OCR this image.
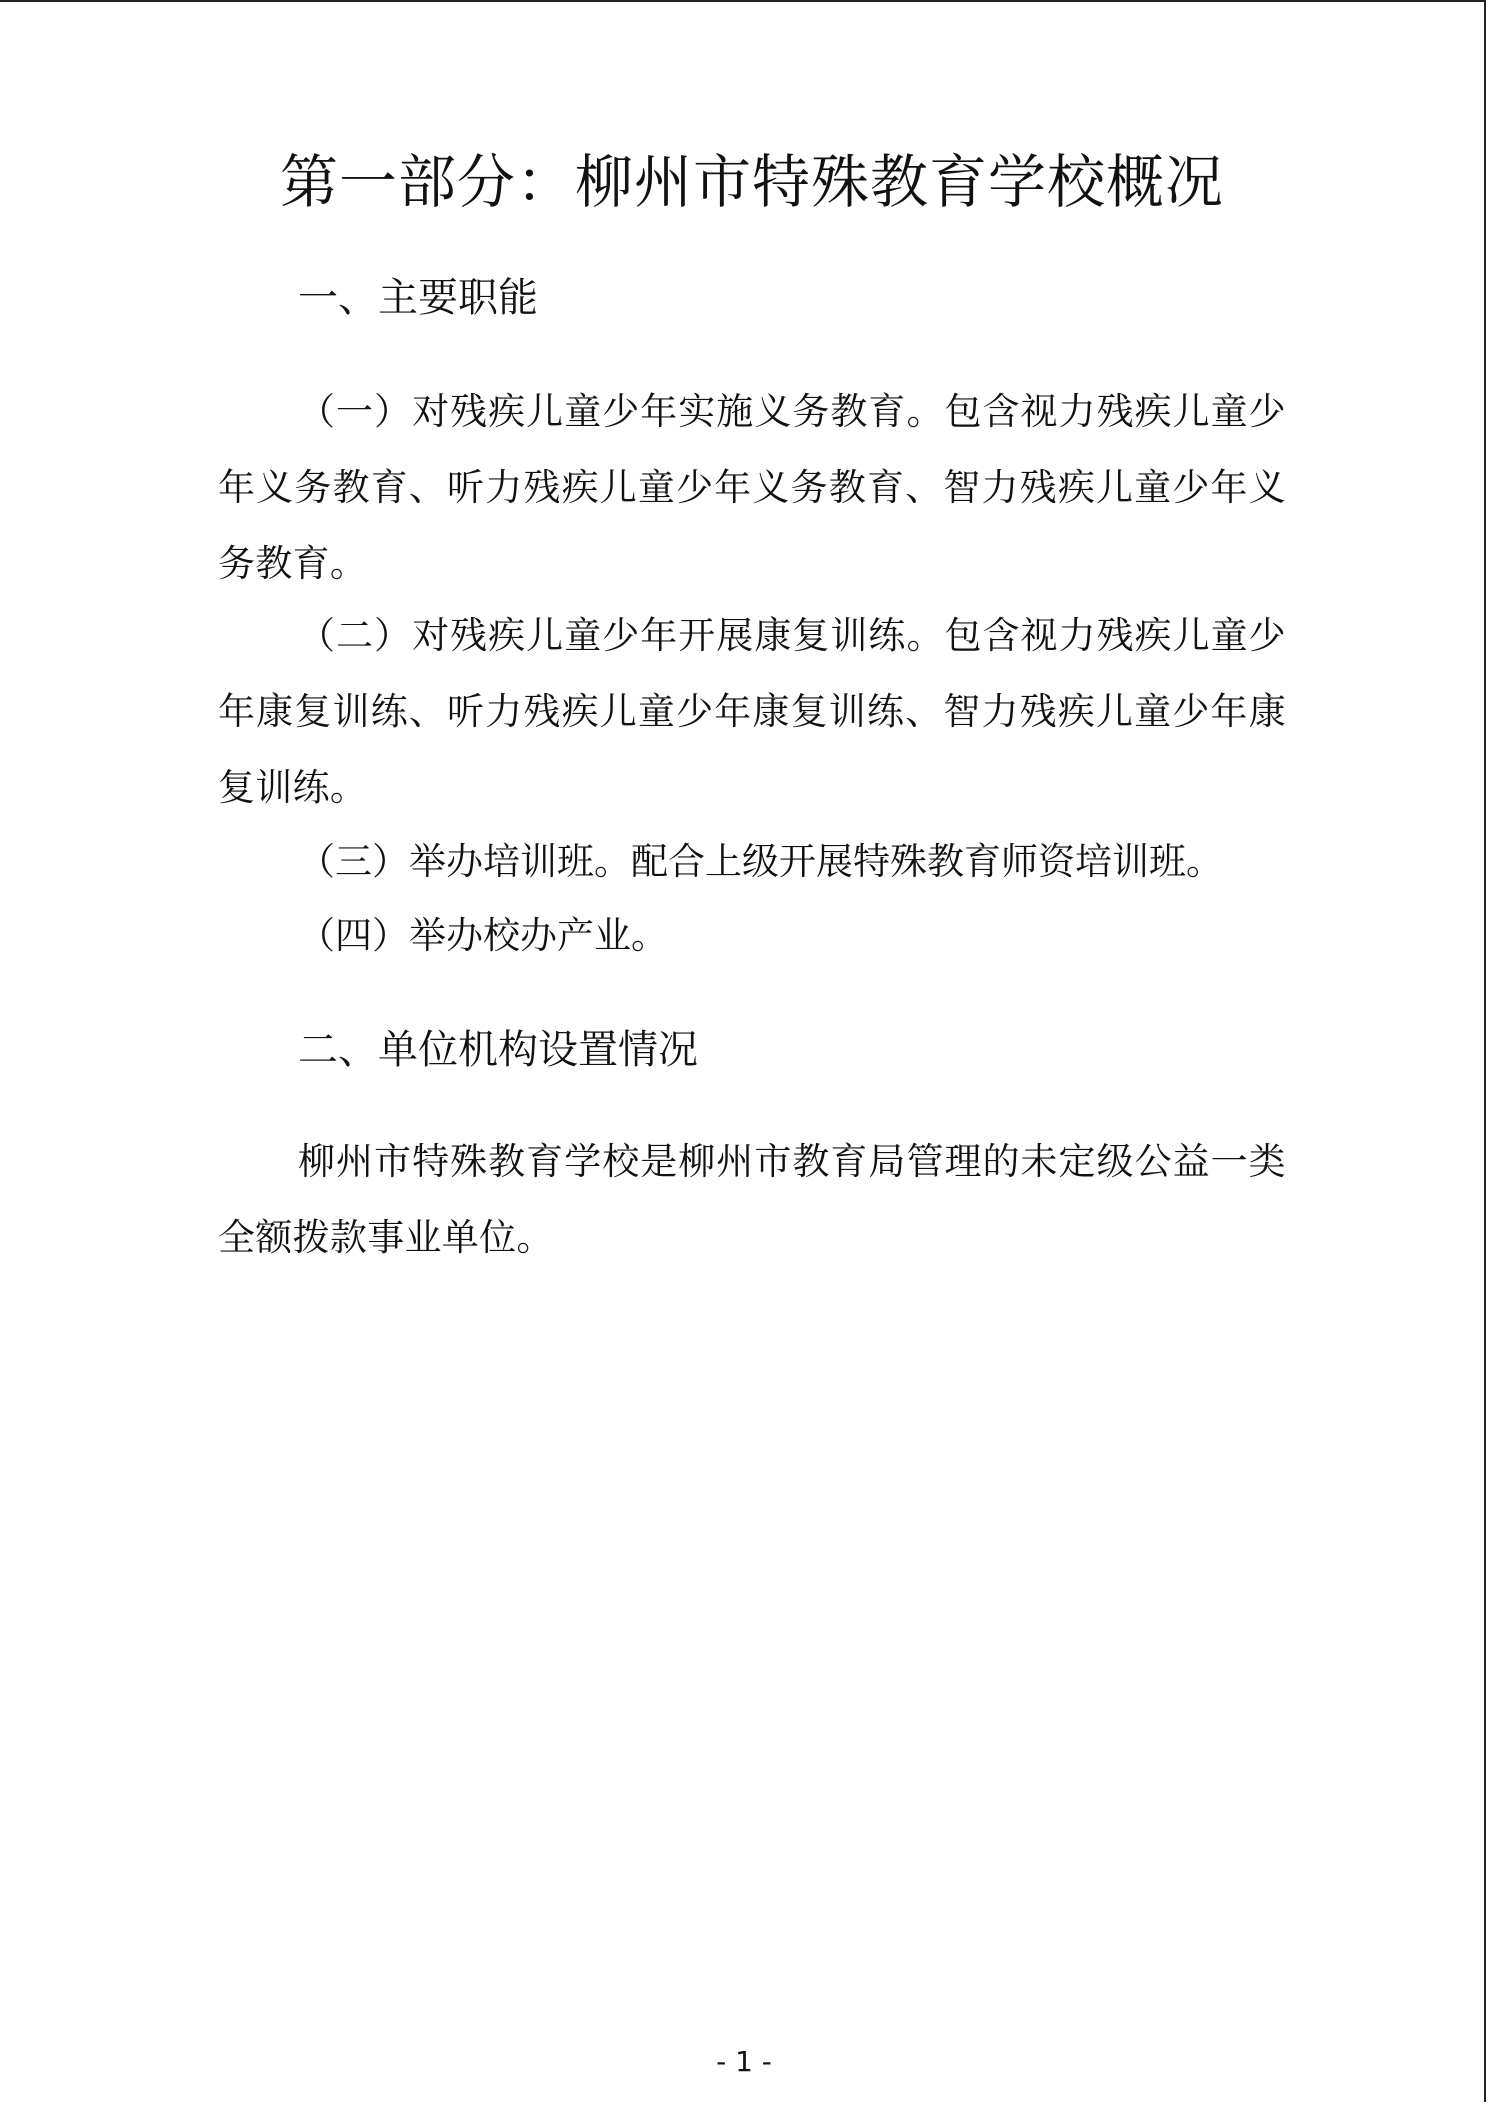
第一部分：柳州市特殊教育学校概况
一、主要职能
（一）对残疾儿童少年实施义务教育。包含视力残疾儿童少年义务教育、听力残疾儿童少年义务教育、智力残疾儿童少年义务教育。
（二）对残疾儿童少年开展康复训练。包含视力残疾儿童少年康复训练、听力残疾儿童少年康复训练、智力残疾儿童少年康复训练。
（三）举办培训班。配合上级开展特殊教育师资培训班。
（四）举办校办产业。
二、单位机构设置情况
柳州市特殊教育学校是柳州市教育局管理的未定级公益一类全额拨款事业单位。
- 1 -
